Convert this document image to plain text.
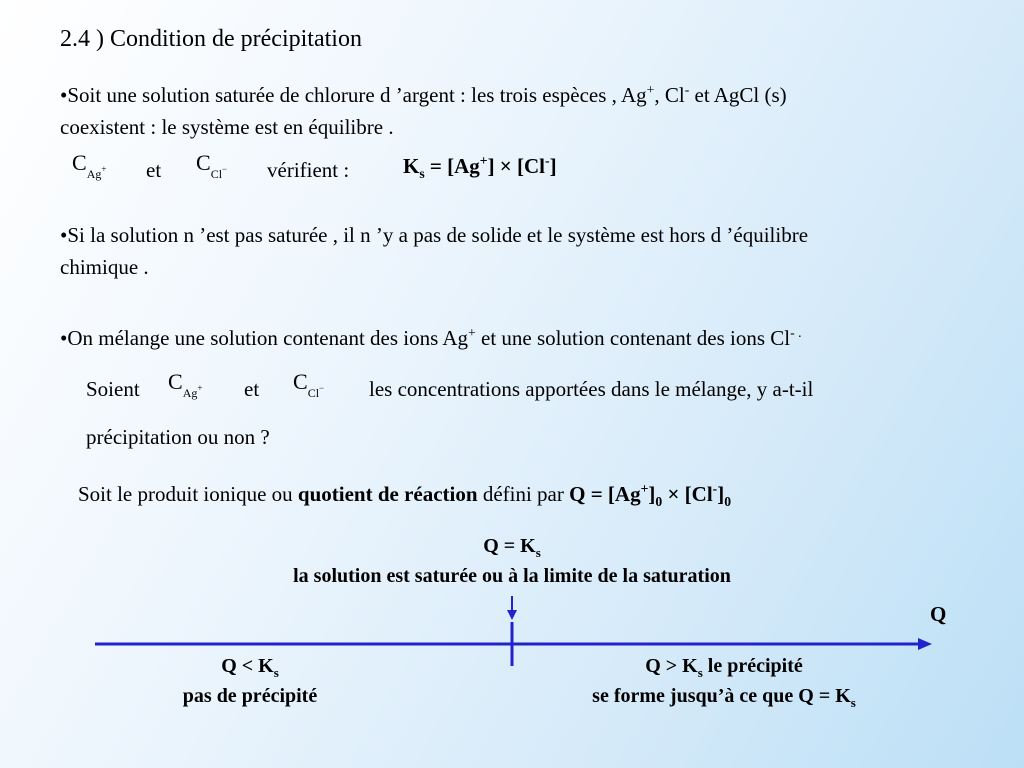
2.4 ) Condition de précipitation
•Soit une solution saturée de chlorure d ’argent : les trois espèces , Ag+, Cl- et AgCl (s)
coexistent : le système est en équilibre .
$C_{Ag}+$ et $C_{Cl}-$ vérifient :	$K_s = [Ag^+] \times [Cl^-]$
•Si la solution n ’est pas saturée , il n ’y a pas de solide et le système est hors d ’équilibre
chimique .
•On mélange une solution contenant des ions Ag+ et une solution contenant des ions Cl- .
Soient $C_{Ag}+$ et $C_{Cl}-$ les concentrations apportées dans le mélange, y a-t-il
précipitation ou non ?
Soit le produit ionique ou quotient de réaction défini par $Q = [Ag^+]_0 \times [Cl^-]_0$
$Q = K_s$
la solution est saturée ou à la limite de la saturation
Q
$Q < K_s$
pas de précipité
$Q > K_s$ le précipité
se forme jusqu’à ce que $Q = K_s$
